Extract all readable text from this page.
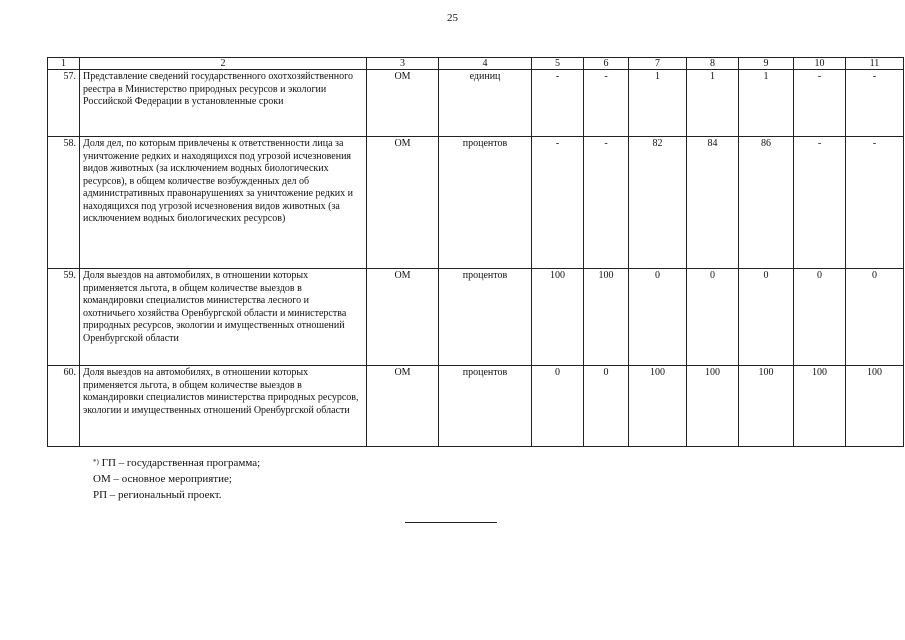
25
1	2	3	4	5	6	7	8	9	10	11
57.	Представление сведений государственного охотхозяйственного реестра в Министерство природных ресурсов и экологии Российской Федерации в установленные сроки	ОМ	единиц	-	-	1	1	1	-	-
58.	Доля дел, по которым привлечены к ответственности лица за уничтожение редких и находящихся под угрозой исчезновения видов животных (за исключением водных биологических ресурсов), в общем количестве возбужденных дел об административных правонарушениях за уничтожение редких и находящихся под угрозой исчезновения видов животных (за исключением водных биологических ресурсов)	ОМ	процентов	-	-	82	84	86	-	-
59.	Доля выездов на автомобилях, в отношении которых применяется льгота, в общем количестве выездов в командировки специалистов министерства лесного и охотничьего хозяйства Оренбургской области и министерства природных ресурсов, экологии и имущественных отношений Оренбургской области	ОМ	процентов	100	100	0	0	0	0	0
60.	Доля выездов на автомобилях, в отношении которых применяется льгота, в общем количестве выездов в командировки специалистов министерства природных ресурсов, экологии и имущественных отношений Оренбургской области	ОМ	процентов	0	0	100	100	100	100	100
*) ГП – государственная программа;
ОМ – основное мероприятие;
РП – региональный проект.
